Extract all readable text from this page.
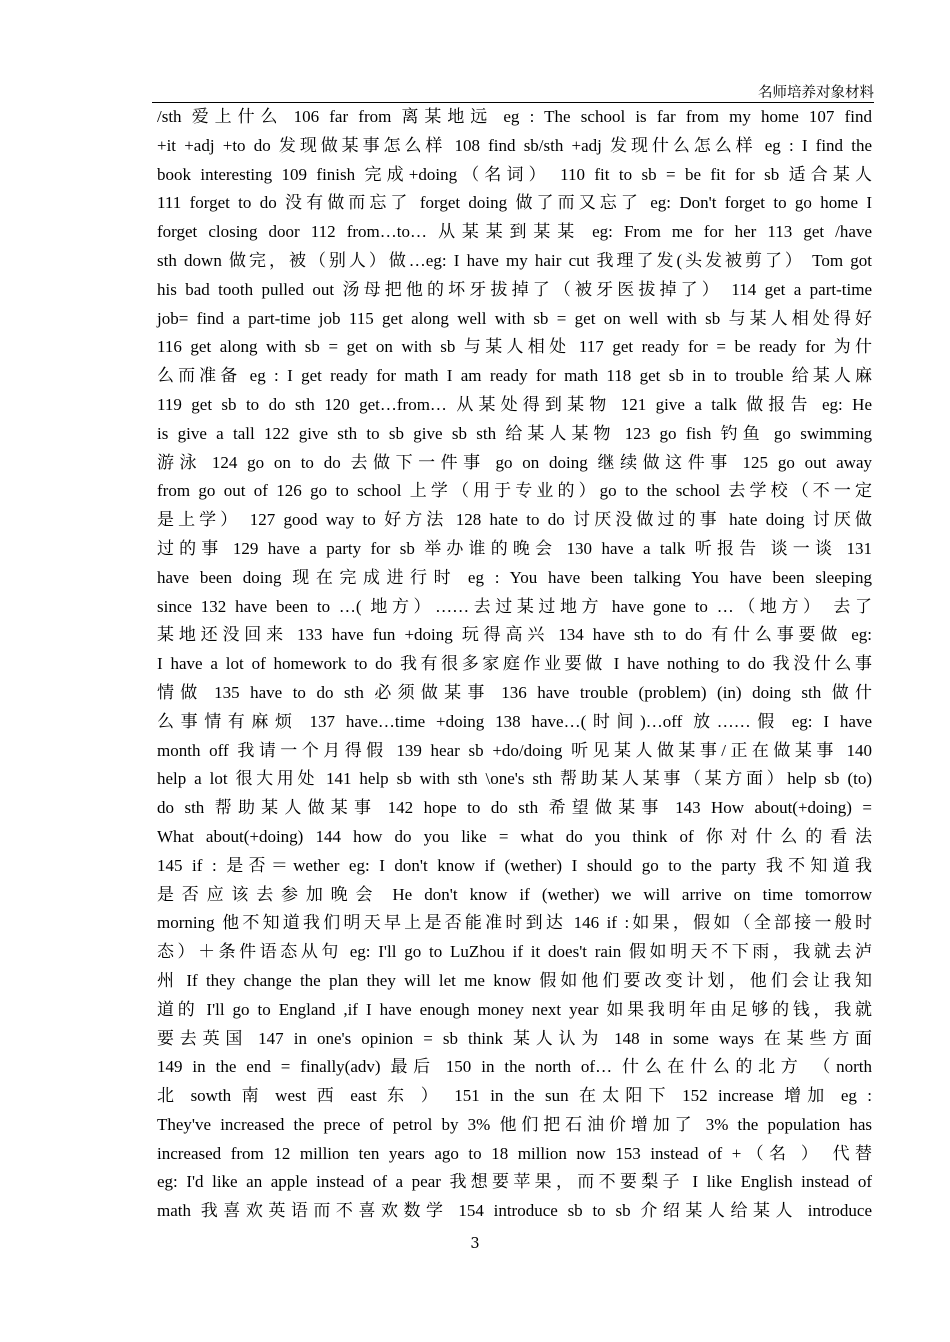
名师培养对象材料
/sth 爱上什么 106 far from 离某地远 eg : The school is far from my home 107 find
+it +adj +to do 发现做某事怎么样 108 find sb/sth +adj 发现什么怎么样 eg : I find the
book interesting 109 finish 完成+doing（名词） 110 fit to sb = be fit for sb 适合某人
111 forget to do 没有做而忘了 forget doing 做了而又忘了 eg: Don't forget to go home I
forget closing door 112 from…to… 从某某到某某 eg: From me for her 113 get /have
sth down 做完，被（别人）做…eg: I have my hair cut 我理了发(头发被剪了） Tom got
his bad tooth pulled out 汤母把他的坏牙拔掉了（被牙医拔掉了） 114 get a part-time
job= find a part-time job 115 get along well with sb = get on well with sb 与某人相处得好
116 get along with sb = get on with sb 与某人相处 117 get ready for = be ready for 为什
么而准备 eg : I get ready for math I am ready for math 118 get sb in to trouble 给某人麻
119 get sb to do sth 120 get…from… 从某处得到某物 121 give a talk 做报告 eg: He
is give a tall 122 give sth to sb give sb sth 给某人某物 123 go fish 钓鱼 go swimming
游泳 124 go on to do 去做下一件事 go on doing 继续做这件事 125 go out away
from go out of 126 go to school 上学（用于专业的）go to the school 去学校（不一定
是上学） 127 good way to 好方法 128 hate to do 讨厌没做过的事 hate doing 讨厌做
过的事 129 have a party for sb 举办谁的晚会 130 have a talk 听报告 谈一谈 131
have been doing 现在完成进行时 eg : You have been talking You have been sleeping
since 132 have been to …( 地方）……去过某过地方 have gone to …（地方） 去了
某地还没回来 133 have fun +doing 玩得高兴 134 have sth to do 有什么事要做 eg:
I have a lot of homework to do 我有很多家庭作业要做 I have nothing to do 我没什么事
情做 135 have to do sth 必须做某事 136 have trouble (problem) (in) doing sth 做什
么事情有麻烦 137 have…time +doing 138 have…(时间)…off 放……假 eg: I have
month off 我请一个月得假 139 hear sb +do/doing 听见某人做某事/正在做某事 140
help a lot 很大用处 141 help sb with sth \one's sth 帮助某人某事（某方面）help sb (to)
do sth 帮助某人做某事 142 hope to do sth 希望做某事 143 How about(+doing) =
What about(+doing) 144 how do you like = what do you think of 你对什么的看法
145 if : 是否＝wether eg: I don't know if (wether) I should go to the party 我不知道我
是否应该去参加晚会 He don't know if (wether) we will arrive on time tomorrow
morning 他不知道我们明天早上是否能准时到达 146 if :如果，假如（全部接一般时
态）＋条件语态从句 eg: I'll go to LuZhou if it does't rain 假如明天不下雨，我就去泸
州 If they change the plan they will let me know 假如他们要改变计划，他们会让我知
道的 I'll go to England ,if I have enough money next year 如果我明年由足够的钱，我就
要去英国 147 in one's opinion = sb think 某人认为 148 in some ways 在某些方面
149 in the end = finally(adv) 最后 150 in the north of… 什么在什么的北方 （north
北 sowth 南 west 西 east 东 ） 151 in the sun 在太阳下 152 increase 增加 eg :
They've increased the prece of petrol by 3% 他们把石油价增加了 3% the population has
increased from 12 million ten years ago to 18 million now 153 instead of +（名 ） 代替
eg: I'd like an apple instead of a pear 我想要苹果，而不要梨子 I like English instead of
math 我喜欢英语而不喜欢数学 154 introduce sb to sb 介绍某人给某人 introduce
3
